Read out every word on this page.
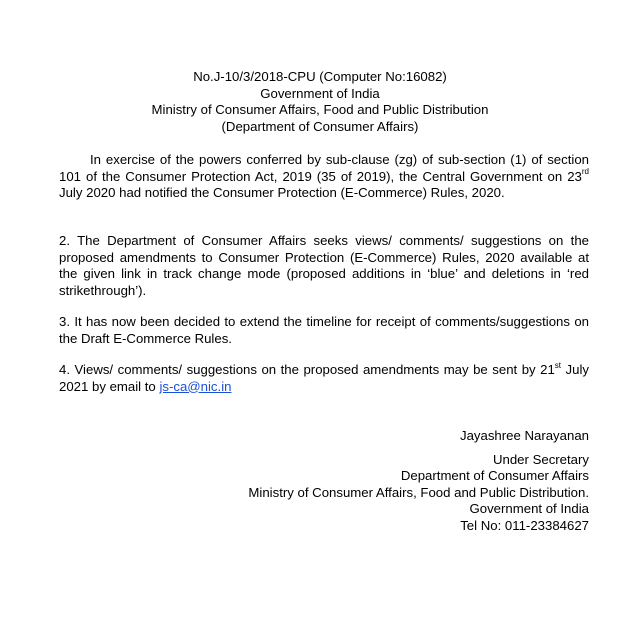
No.J-10/3/2018-CPU (Computer No:16082)
Government of India
Ministry of Consumer Affairs, Food and Public Distribution
(Department of Consumer Affairs)
In exercise of the powers conferred by sub-clause (zg) of sub-section (1) of section 101 of the Consumer Protection Act, 2019 (35 of 2019), the Central Government on 23rd July 2020 had notified the Consumer Protection (E-Commerce) Rules, 2020.
2. The Department of Consumer Affairs seeks views/ comments/ suggestions on the proposed amendments to Consumer Protection (E-Commerce) Rules, 2020 available at the given link in track change mode (proposed additions in ‘blue’ and deletions in ‘red strikethrough’).
3. It has now been decided to extend the timeline for receipt of comments/suggestions on the Draft E-Commerce Rules.
4. Views/ comments/ suggestions on the proposed amendments may be sent by 21st July 2021 by email to js-ca@nic.in
Jayashree Narayanan
Under Secretary
Department of Consumer Affairs
Ministry of Consumer Affairs, Food and Public Distribution.
Government of India
Tel No: 011-23384627
